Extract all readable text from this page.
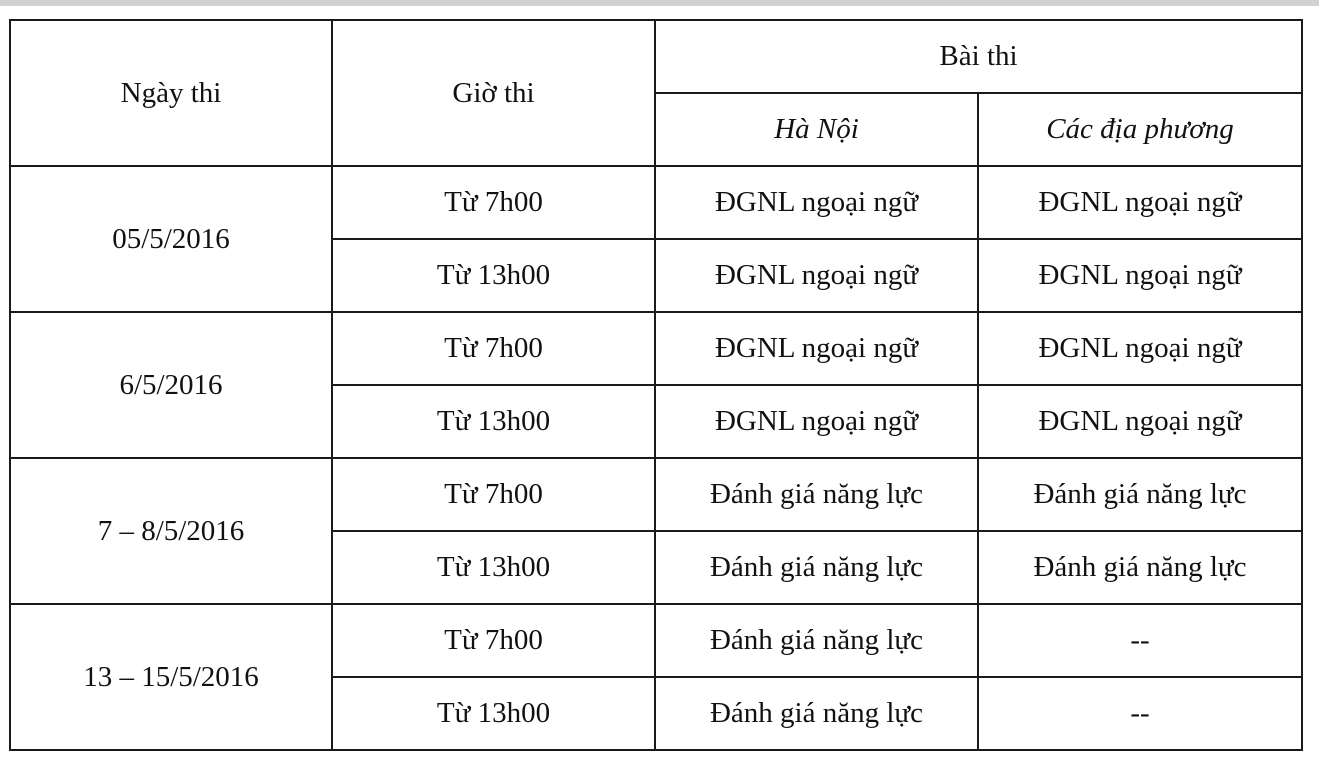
Ngày thi	Giờ thi	Bài thi	
		Hà Nội	Các địa phương
05/5/2016	Từ 7h00	ĐGNL ngoại ngữ	ĐGNL ngoại ngữ
	Từ 13h00	ĐGNL ngoại ngữ	ĐGNL ngoại ngữ
6/5/2016	Từ 7h00	ĐGNL ngoại ngữ	ĐGNL ngoại ngữ
	Từ 13h00	ĐGNL ngoại ngữ	ĐGNL ngoại ngữ
7 – 8/5/2016	Từ 7h00	Đánh giá năng lực	Đánh giá năng lực
	Từ 13h00	Đánh giá năng lực	Đánh giá năng lực
13 – 15/5/2016	Từ 7h00	Đánh giá năng lực	--
	Từ 13h00	Đánh giá năng lực	--
